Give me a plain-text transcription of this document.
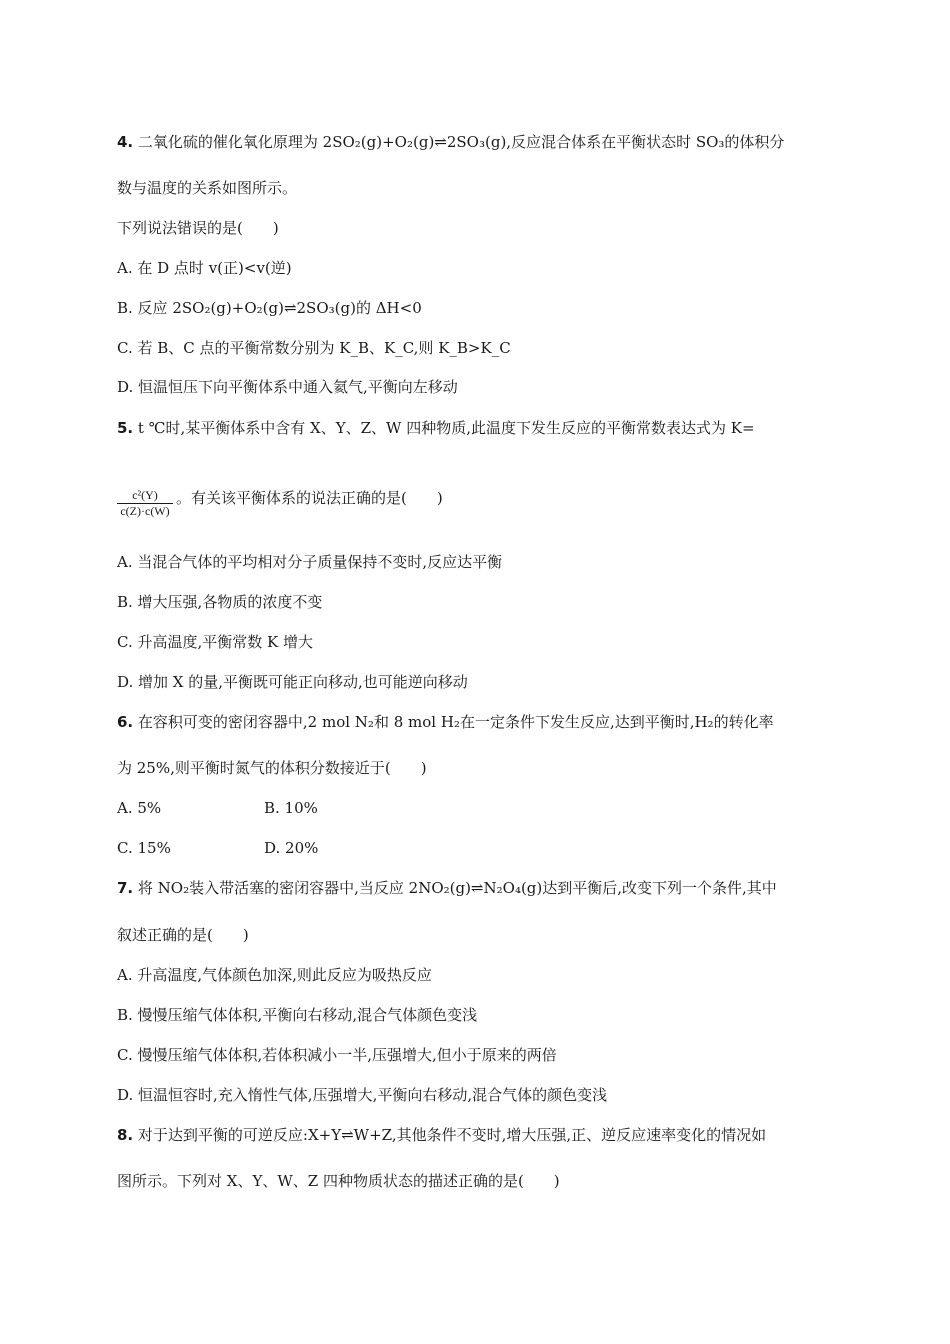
4. 二氧化硫的催化氧化原理为 2SO₂(g)+O₂(g)⇌2SO₃(g),反应混合体系在平衡状态时 SO₃的体积分
数与温度的关系如图所示。
下列说法错误的是(　　)
A. 在 D 点时 v(正)<v(逆)
B. 反应 2SO₂(g)+O₂(g)⇌2SO₃(g)的 ΔH<0
C. 若 B、C 点的平衡常数分别为 K_B、K_C,则 K_B>K_C
D. 恒温恒压下向平衡体系中通入氦气,平衡向左移动
5. t ℃时,某平衡体系中含有 X、Y、Z、W 四种物质,此温度下发生反应的平衡常数表达式为 K=
$\frac{\text{c²(Y)}}{c(Z)\cdot c(W)}$ 。有关该平衡体系的说法正确的是(　　)
A. 当混合气体的平均相对分子质量保持不变时,反应达平衡
B. 增大压强,各物质的浓度不变
C. 升高温度,平衡常数 K 增大
D. 增加 X 的量,平衡既可能正向移动,也可能逆向移动
6. 在容积可变的密闭容器中,2 mol N₂和 8 mol H₂在一定条件下发生反应,达到平衡时,H₂的转化率
为 25%,则平衡时氮气的体积分数接近于(　　)
A. 5%	B. 10%
C. 15%	D. 20%
7. 将 NO₂装入带活塞的密闭容器中,当反应 2NO₂(g)⇌N₂O₄(g)达到平衡后,改变下列一个条件,其中
叙述正确的是(　　)
A. 升高温度,气体颜色加深,则此反应为吸热反应
B. 慢慢压缩气体体积,平衡向右移动,混合气体颜色变浅
C. 慢慢压缩气体体积,若体积减小一半,压强增大,但小于原来的两倍
D. 恒温恒容时,充入惰性气体,压强增大,平衡向右移动,混合气体的颜色变浅
8. 对于达到平衡的可逆反应:X+Y⇌W+Z,其他条件不变时,增大压强,正、逆反应速率变化的情况如
图所示。下列对 X、Y、W、Z 四种物质状态的描述正确的是(　　)
